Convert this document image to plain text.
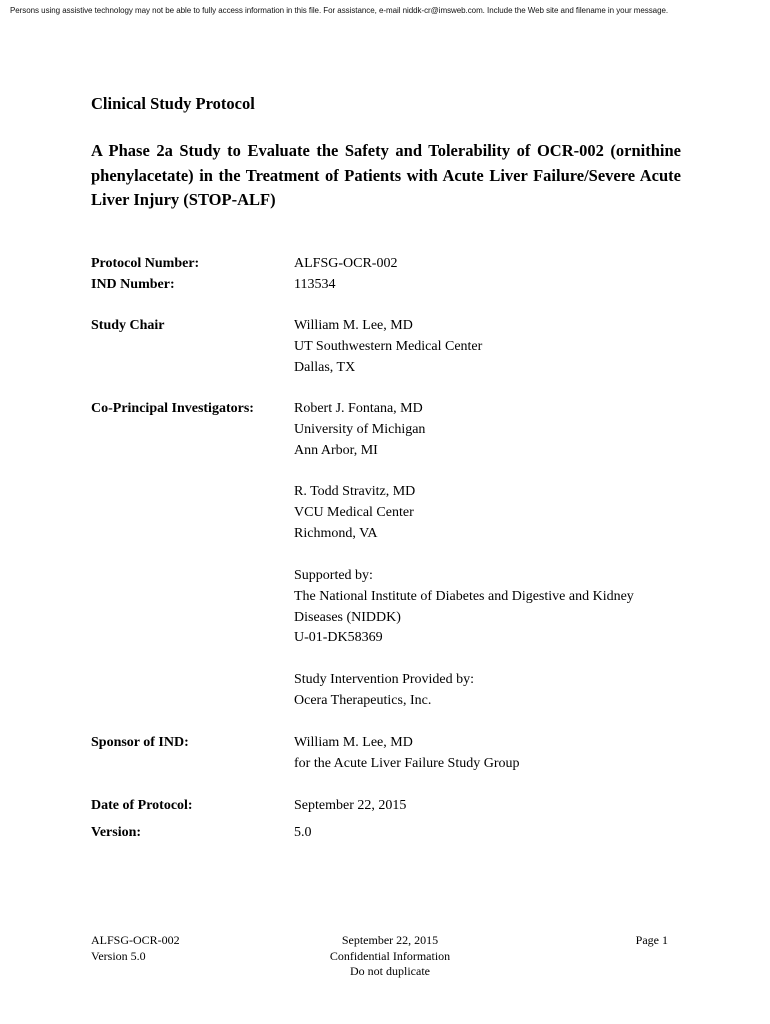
Persons using assistive technology may not be able to fully access information in this file. For assistance, e-mail niddk-cr@imsweb.com. Include the Web site and filename in your message.
Clinical Study Protocol
A Phase 2a Study to Evaluate the Safety and Tolerability of OCR-002 (ornithine phenylacetate) in the Treatment of Patients with Acute Liver Failure/Severe Acute Liver Injury (STOP-ALF)
Protocol Number:	ALFSG-OCR-002
IND Number:	113534
Study Chair	William M. Lee, MD
UT Southwestern Medical Center
Dallas, TX
Co-Principal Investigators:	Robert J. Fontana, MD
University of Michigan
Ann Arbor, MI
R. Todd Stravitz, MD
VCU Medical Center
Richmond, VA
Supported by:
The National Institute of Diabetes and Digestive and Kidney
Diseases (NIDDK)
U-01-DK58369
Study Intervention Provided by:
Ocera Therapeutics, Inc.
Sponsor of IND:	William M. Lee, MD
for the Acute Liver Failure Study Group
Date of Protocol:	September 22, 2015
Version:	5.0
ALFSG-OCR-002
Version 5.0
September 22, 2015
Confidential Information
Do not duplicate
Page 1
